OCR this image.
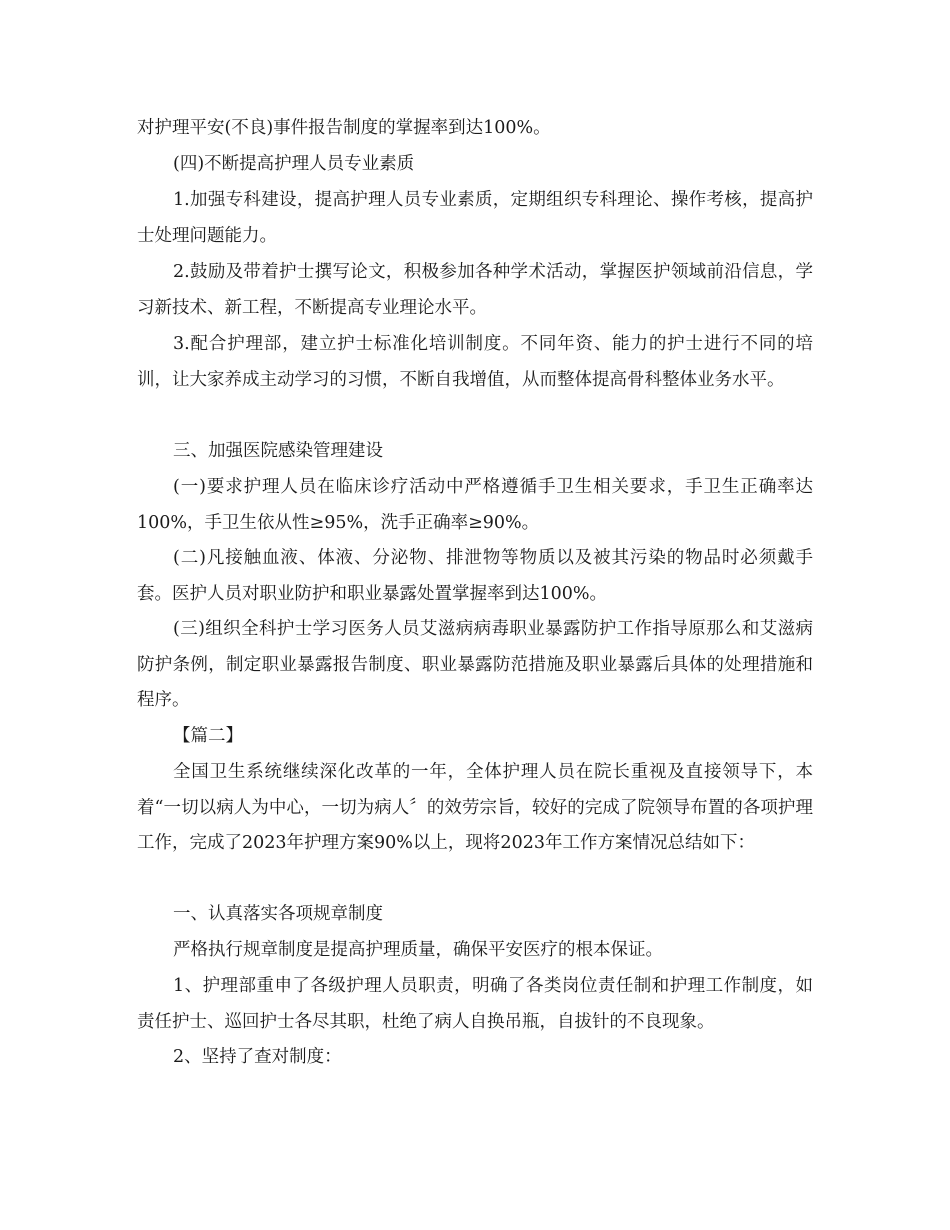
对护理平安(不良)事件报告制度的掌握率到达100%。

(四)不断提高护理人员专业素质

1.加强专科建设，提高护理人员专业素质，定期组织专科理论、操作考核，提高护士处理问题能力。

2.鼓励及带着护士撰写论文，积极参加各种学术活动，掌握医护领域前沿信息，学习新技术、新工程，不断提高专业理论水平。

3.配合护理部，建立护士标准化培训制度。不同年资、能力的护士进行不同的培训，让大家养成主动学习的习惯，不断自我增值，从而整体提高骨科整体业务水平。

三、加强医院感染管理建设

(一)要求护理人员在临床诊疗活动中严格遵循手卫生相关要求，手卫生正确率达100%，手卫生依从性≥95%，洗手正确率≥90%。

(二)凡接触血液、体液、分泌物、排泄物等物质以及被其污染的物品时必须戴手套。医护人员对职业防护和职业暴露处置掌握率到达100%。

(三)组织全科护士学习医务人员艾滋病病毒职业暴露防护工作指导原那么和艾滋病防护条例，制定职业暴露报告制度、职业暴露防范措施及职业暴露后具体的处理措施和程序。

【篇二】

全国卫生系统继续深化改革的一年，全体护理人员在院长重视及直接领导下，本着“一切以病人为中心，一切为病人〞的效劳宗旨，较好的完成了院领导布置的各项护理工作，完成了2023年护理方案90%以上，现将2023年工作方案情况总结如下：

一、认真落实各项规章制度

严格执行规章制度是提高护理质量，确保平安医疗的根本保证。

1、护理部重申了各级护理人员职责，明确了各类岗位责任制和护理工作制度，如责任护士、巡回护士各尽其职，杜绝了病人自换吊瓶，自拔针的不良现象。

2、坚持了查对制度：
